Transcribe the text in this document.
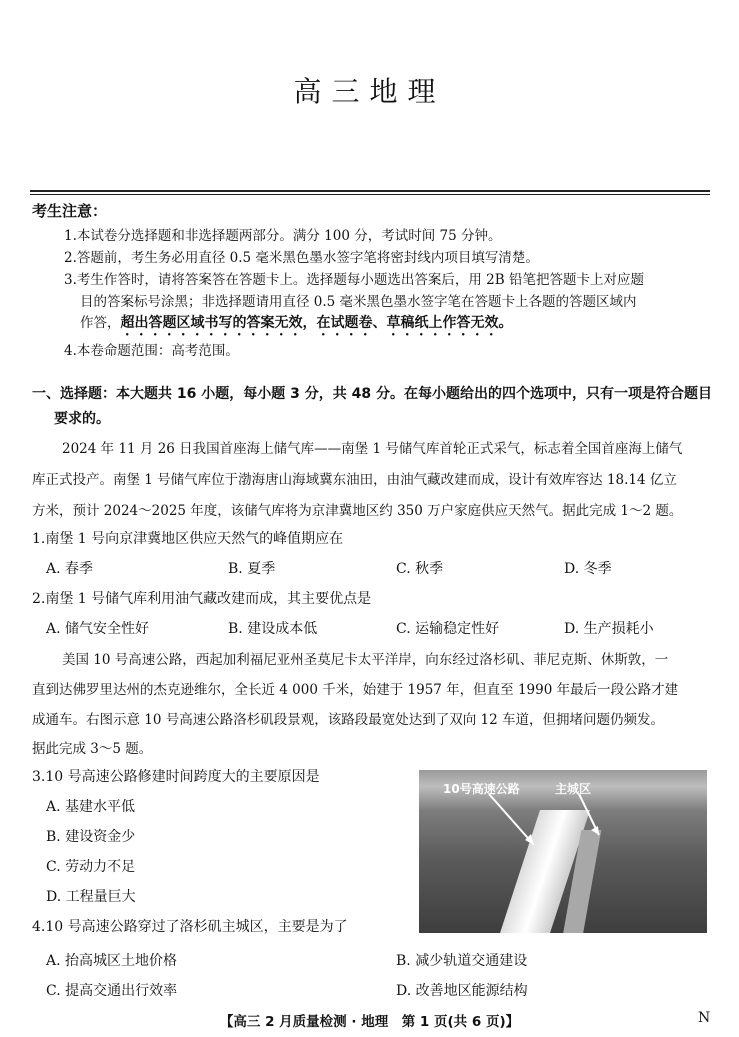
高三地理
考生注意：
1.本试卷分选择题和非选择题两部分。满分 100 分，考试时间 75 分钟。
2.答题前，考生务必用直径 0.5 毫米黑色墨水签字笔将密封线内项目填写清楚。
3.考生作答时，请将答案答在答题卡上。选择题每小题选出答案后，用 2B 铅笔把答题卡上对应题
目的答案标号涂黑；非选择题请用直径 0.5 毫米黑色墨水签字笔在答题卡上各题的答题区域内
作答，超出答题区域书写的答案无效，在试题卷、草稿纸上作答无效。
4.本卷命题范围：高考范围。
一、选择题：本大题共 16 小题，每小题 3 分，共 48 分。在每小题给出的四个选项中，只有一项是符合题目
要求的。
2024 年 11 月 26 日我国首座海上储气库——南堡 1 号储气库首轮正式采气，标志着全国首座海上储气
库正式投产。南堡 1 号储气库位于渤海唐山海域冀东油田，由油气藏改建而成，设计有效库容达 18.14 亿立
方米，预计 2024～2025 年度，该储气库将为京津冀地区约 350 万户家庭供应天然气。据此完成 1～2 题。
1.南堡 1 号向京津冀地区供应天然气的峰值期应在
A. 春季	B. 夏季	C. 秋季	D. 冬季
2.南堡 1 号储气库利用油气藏改建而成，其主要优点是
A. 储气安全性好	B. 建设成本低	C. 运输稳定性好	D. 生产损耗小
美国 10 号高速公路，西起加利福尼亚州圣莫尼卡太平洋岸，向东经过洛杉矶、菲尼克斯、休斯敦，一
直到达佛罗里达州的杰克逊维尔，全长近 4 000 千米，始建于 1957 年，但直至 1990 年最后一段公路才建
成通车。右图示意 10 号高速公路洛杉矶段景观，该路段最宽处达到了双向 12 车道，但拥堵问题仍频发。
据此完成 3～5 题。
3.10 号高速公路修建时间跨度大的主要原因是
A. 基建水平低
B. 建设资金少
C. 劳动力不足
D. 工程量巨大
10号高速公路	主城区
4.10 号高速公路穿过了洛杉矶主城区，主要是为了
A. 抬高城区土地价格	B. 减少轨道交通建设
C. 提高交通出行效率	D. 改善地区能源结构
【高三 2 月质量检测 · 地理　第 1 页(共 6 页)】	N
